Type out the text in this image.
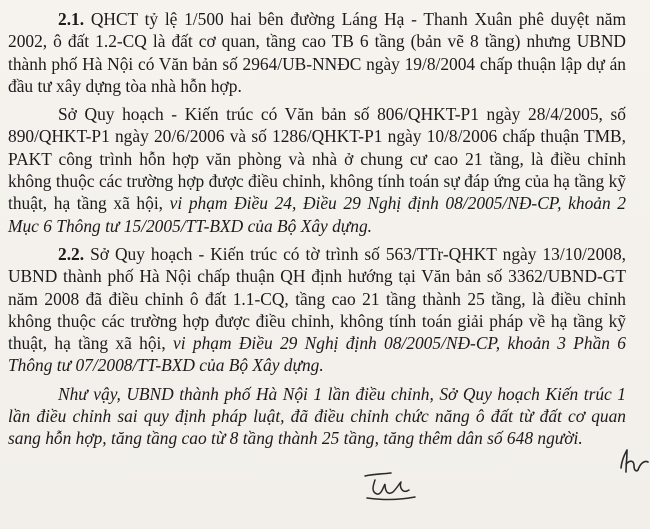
2.1. QHCT tỷ lệ 1/500 hai bên đường Láng Hạ - Thanh Xuân phê duyệt năm 2002, ô đất 1.2-CQ là đất cơ quan, tầng cao TB 6 tầng (bản vẽ 8 tầng) nhưng UBND thành phố Hà Nội có Văn bản số 2964/UB-NNĐC ngày 19/8/2004 chấp thuận lập dự án đầu tư xây dựng tòa nhà hỗn hợp.

Sở Quy hoạch - Kiến trúc có Văn bản số 806/QHKT-P1 ngày 28/4/2005, số 890/QHKT-P1 ngày 20/6/2006 và số 1286/QHKT-P1 ngày 10/8/2006 chấp thuận TMB, PAKT công trình hỗn hợp văn phòng và nhà ở chung cư cao 21 tầng, là điều chỉnh không thuộc các trường hợp được điều chỉnh, không tính toán sự đáp ứng của hạ tầng kỹ thuật, hạ tầng xã hội, vi phạm Điều 24, Điều 29 Nghị định 08/2005/NĐ-CP, khoản 2 Mục 6 Thông tư 15/2005/TT-BXD của Bộ Xây dựng.

2.2. Sở Quy hoạch - Kiến trúc có tờ trình số 563/TTr-QHKT ngày 13/10/2008, UBND thành phố Hà Nội chấp thuận QH định hướng tại Văn bản số 3362/UBND-GT năm 2008 đã điều chỉnh ô đất 1.1-CQ, tầng cao 21 tầng thành 25 tầng, là điều chỉnh không thuộc các trường hợp được điều chỉnh, không tính toán giải pháp về hạ tầng kỹ thuật, hạ tầng xã hội, vi phạm Điều 29 Nghị định 08/2005/NĐ-CP, khoản 3 Phần 6 Thông tư 07/2008/TT-BXD của Bộ Xây dựng.

Như vậy, UBND thành phố Hà Nội 1 lần điều chỉnh, Sở Quy hoạch Kiến trúc 1 lần điều chỉnh sai quy định pháp luật, đã điều chỉnh chức năng ô đất từ đất cơ quan sang hỗn hợp, tăng tầng cao từ 8 tầng thành 25 tầng, tăng thêm dân số 648 người.
